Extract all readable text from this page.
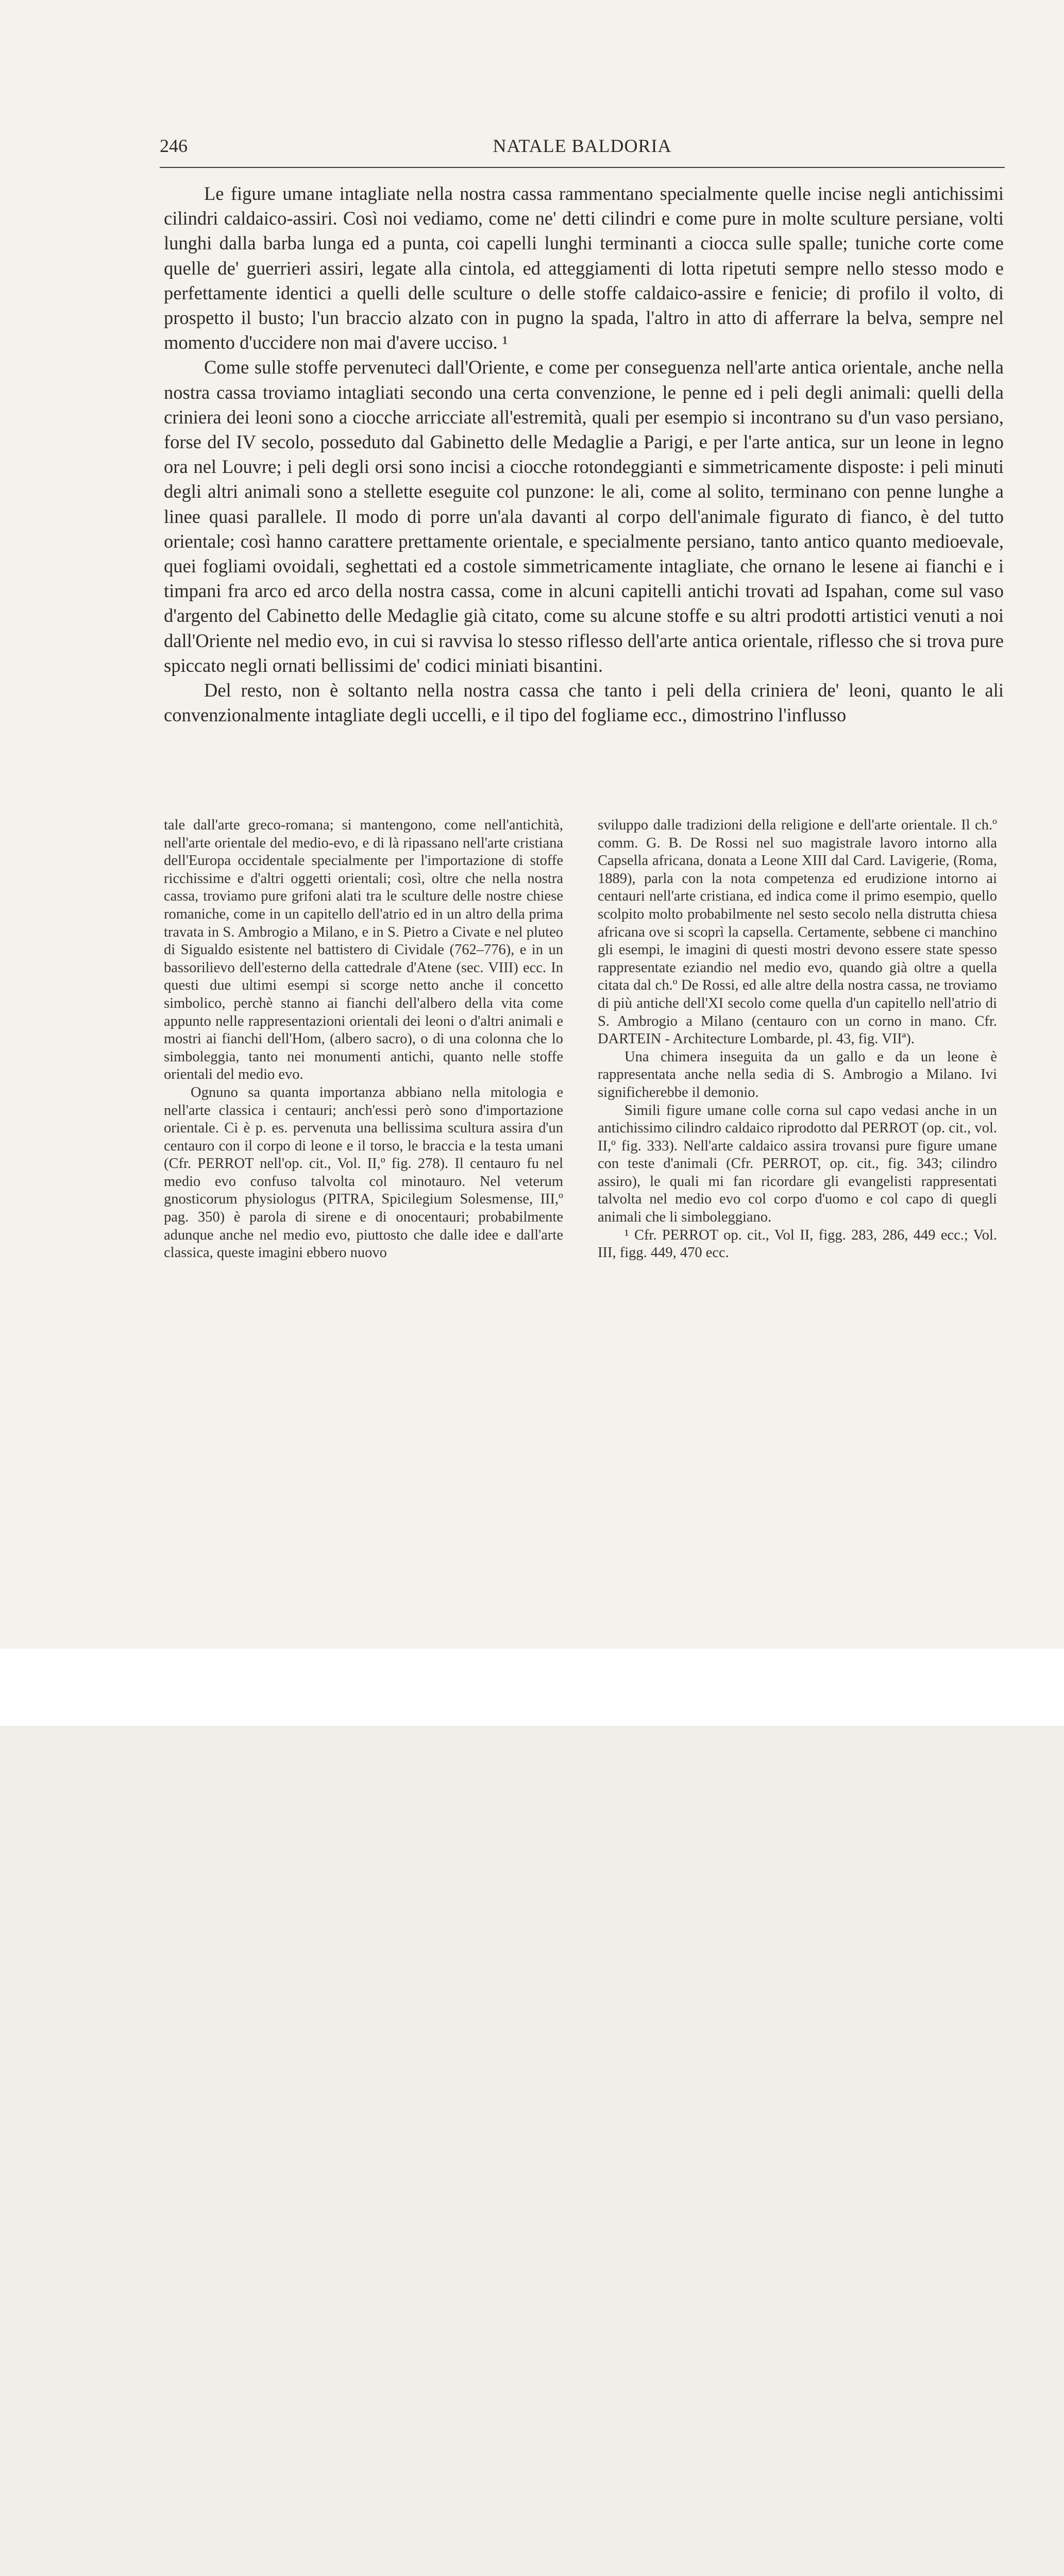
246	NATALE BALDORIA

Le figure umane intagliate nella nostra cassa rammentano specialmente quelle incise negli antichissimi cilindri caldaico-assiri. Così noi vediamo, come ne' detti cilindri e come pure in molte sculture persiane, volti lunghi dalla barba lunga ed a punta, coi capelli lunghi terminanti a ciocca sulle spalle; tuniche corte come quelle de' guerrieri assiri, legate alla cintola, ed atteggiamenti di lotta ripetuti sempre nello stesso modo e perfettamente identici a quelli delle sculture o delle stoffe caldaico-assire e fenicie; di profilo il volto, di prospetto il busto; l'un braccio alzato con in pugno la spada, l'altro in atto di afferrare la belva, sempre nel momento d'uccidere non mai d'avere ucciso. ¹

Come sulle stoffe pervenuteci dall'Oriente, e come per conseguenza nell'arte antica orientale, anche nella nostra cassa troviamo intagliati secondo una certa convenzione, le penne ed i peli degli animali: quelli della criniera dei leoni sono a ciocche arricciate all'estremità, quali per esempio si incontrano su d'un vaso persiano, forse del IV secolo, posseduto dal Gabinetto delle Medaglie a Parigi, e per l'arte antica, sur un leone in legno ora nel Louvre; i peli degli orsi sono incisi a ciocche rotondeggianti e simmetricamente disposte: i peli minuti degli altri animali sono a stellette eseguite col punzone: le ali, come al solito, terminano con penne lunghe a linee quasi parallele. Il modo di porre un'ala davanti al corpo dell'animale figurato di fianco, è del tutto orientale; così hanno carattere prettamente orientale, e specialmente persiano, tanto antico quanto medioevale, quei fogliami ovoidali, seghettati ed a costole simmetricamente intagliate, che ornano le lesene ai fianchi e i timpani fra arco ed arco della nostra cassa, come in alcuni capitelli antichi trovati ad Ispahan, come sul vaso d'argento del Cabinetto delle Medaglie già citato, come su alcune stoffe e su altri prodotti artistici venuti a noi dall'Oriente nel medio evo, in cui si ravvisa lo stesso riflesso dell'arte antica orientale, riflesso che si trova pure spiccato negli ornati bellissimi de' codici miniati bisantini.

Del resto, non è soltanto nella nostra cassa che tanto i peli della criniera de' leoni, quanto le ali convenzionalmente intagliate degli uccelli, e il tipo del fogliame ecc., dimostrino l'influsso

tale dall'arte greco-romana; si mantengono, come nell'antichità, nell'arte orientale del medio-evo, e di là ripassano nell'arte cristiana dell'Europa occidentale specialmente per l'importazione di stoffe ricchissime e d'altri oggetti orientali; così, oltre che nella nostra cassa, troviamo pure grifoni alati tra le sculture delle nostre chiese romaniche, come in un capitello dell'atrio ed in un altro della prima travata in S. Ambrogio a Milano, e in S. Pietro a Civate e nel pluteo di Sigualdo esistente nel battistero di Cividale (762–776), e in un bassorilievo dell'esterno della cattedrale d'Atene (sec. VIII) ecc. In questi due ultimi esempi si scorge netto anche il concetto simbolico, perchè stanno ai fianchi dell'albero della vita come appunto nelle rappresentazioni orientali dei leoni o d'altri animali e mostri ai fianchi dell'Hom, (albero sacro), o di una colonna che lo simboleggia, tanto nei monumenti antichi, quanto nelle stoffe orientali del medio evo.

Ognuno sa quanta importanza abbiano nella mitologia e nell'arte classica i centauri; anch'essi però sono d'importazione orientale. Ci è p. es. pervenuta una bellissima scultura assira d'un centauro con il corpo di leone e il torso, le braccia e la testa umani (Cfr. PERROT nell'op. cit., Vol. II,º fig. 278). Il centauro fu nel medio evo confuso talvolta col minotauro. Nel veterum gnosticorum physiologus (PITRA, Spicilegium Solesmense, III,º pag. 350) è parola di sirene e di onocentauri; probabilmente adunque anche nel medio evo, piuttosto che dalle idee e dall'arte classica, queste imagini ebbero nuovo

sviluppo dalle tradizioni della religione e dell'arte orientale. Il ch.º comm. G. B. De Rossi nel suo magistrale lavoro intorno alla Capsella africana, donata a Leone XIII dal Card. Lavigerie, (Roma, 1889), parla con la nota competenza ed erudizione intorno ai centauri nell'arte cristiana, ed indica come il primo esempio, quello scolpito molto probabilmente nel sesto secolo nella distrutta chiesa africana ove si scoprì la capsella. Certamente, sebbene ci manchino gli esempi, le imagini di questi mostri devono essere state spesso rappresentate eziandio nel medio evo, quando già oltre a quella citata dal ch.º De Rossi, ed alle altre della nostra cassa, ne troviamo di più antiche dell'XI secolo come quella d'un capitello nell'atrio di S. Ambrogio a Milano (centauro con un corno in mano. Cfr. DARTEIN - Architecture Lombarde, pl. 43, fig. VIIª).

Una chimera inseguita da un gallo e da un leone è rappresentata anche nella sedia di S. Ambrogio a Milano. Ivi significherebbe il demonio.

Simili figure umane colle corna sul capo vedasi anche in un antichissimo cilindro caldaico riprodotto dal PERROT (op. cit., vol. II,º fig. 333). Nell'arte caldaico assira trovansi pure figure umane con teste d'animali (Cfr. PERROT, op. cit., fig. 343; cilindro assiro), le quali mi fan ricordare gli evangelisti rappresentati talvolta nel medio evo col corpo d'uomo e col capo di quegli animali che li simboleggiano.

¹ Cfr. PERROT op. cit., Vol II, figg. 283, 286, 449 ecc.; Vol. III, figg. 449, 470 ecc.
